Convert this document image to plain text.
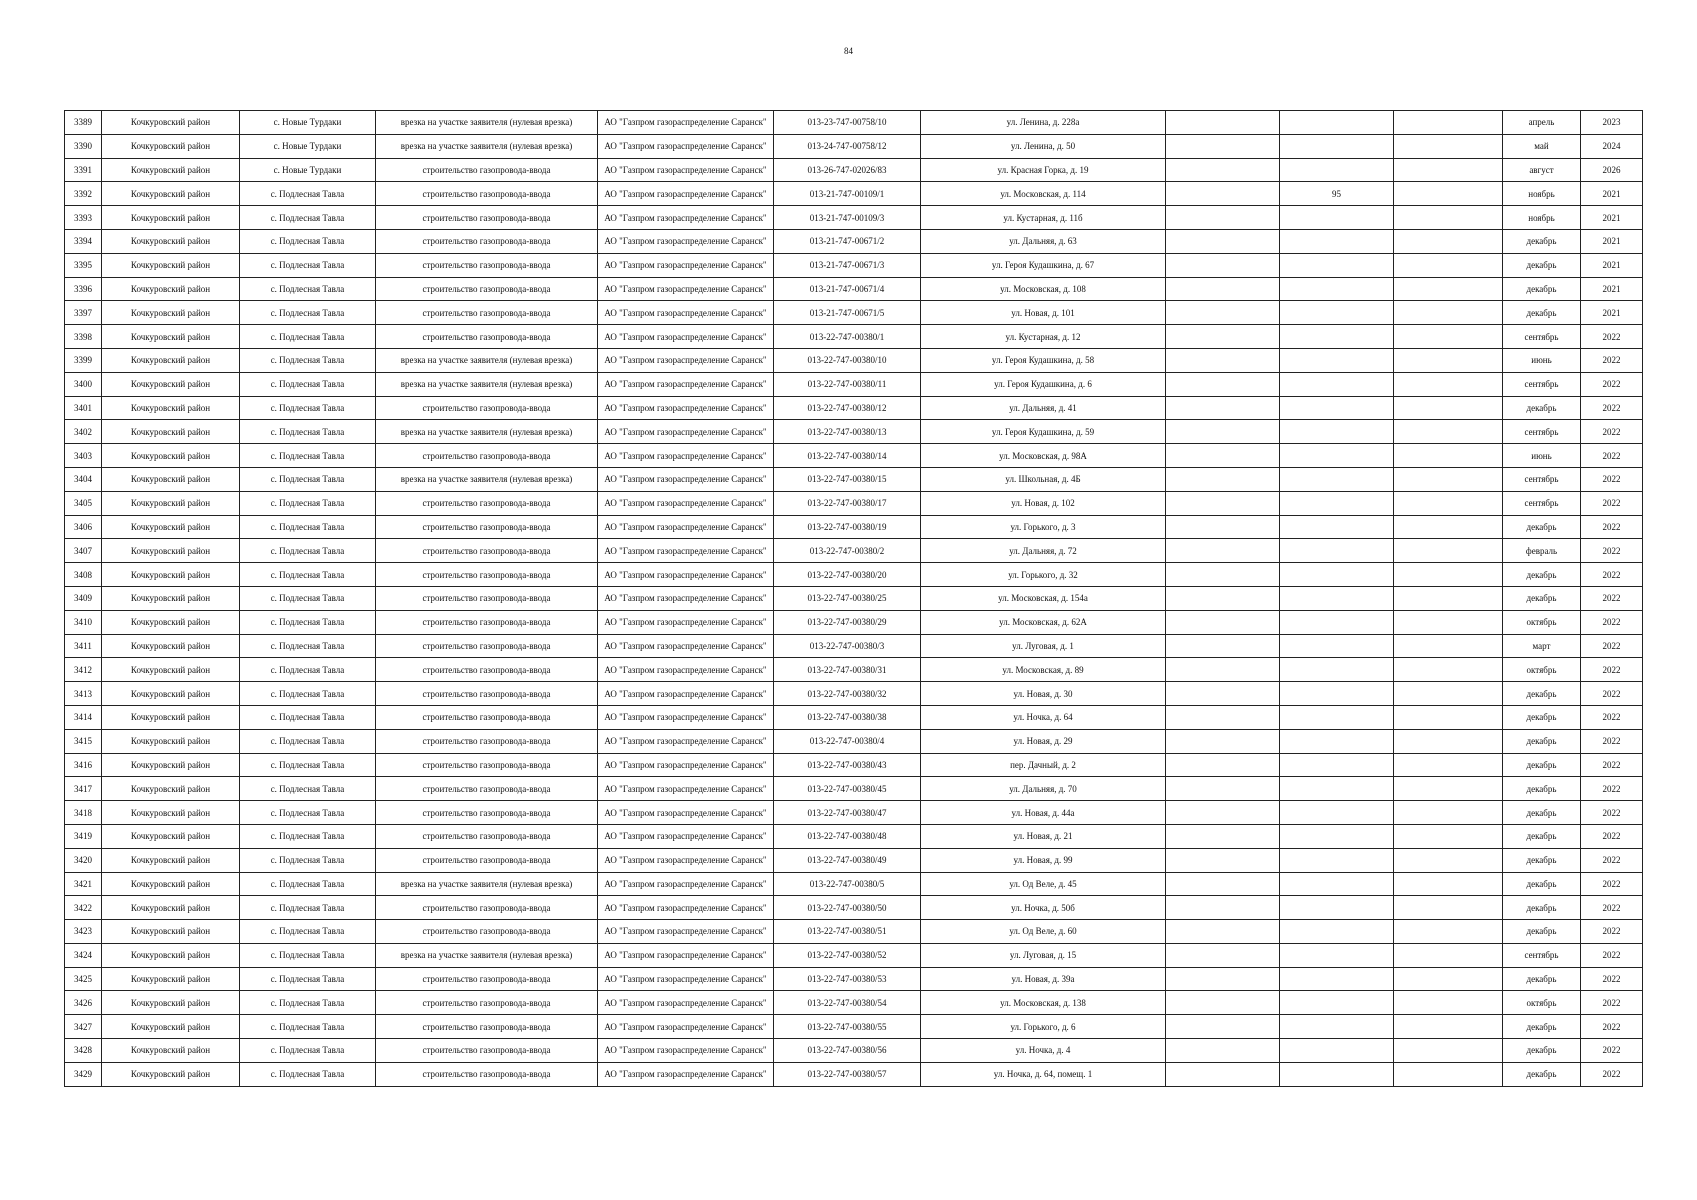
84
3389	Кочкуровский район	с. Новые Турдаки	врезка на участке заявителя (нулевая врезка)	АО "Газпром газораспределение Саранск"	013-23-747-00758/10	ул. Ленина, д. 228а				апрель	2023
3390	Кочкуровский район	с. Новые Турдаки	врезка на участке заявителя (нулевая врезка)	АО "Газпром газораспределение Саранск"	013-24-747-00758/12	ул. Ленина, д. 50				май	2024
3391	Кочкуровский район	с. Новые Турдаки	строительство газопровода-ввода	АО "Газпром газораспределение Саранск"	013-26-747-02026/83	ул. Красная Горка, д. 19				август	2026
3392	Кочкуровский район	с. Подлесная Тавла	строительство газопровода-ввода	АО "Газпром газораспределение Саранск"	013-21-747-00109/1	ул. Московская, д. 114		95		ноябрь	2021
3393	Кочкуровский район	с. Подлесная Тавла	строительство газопровода-ввода	АО "Газпром газораспределение Саранск"	013-21-747-00109/3	ул. Кустарная, д. 11б				ноябрь	2021
3394	Кочкуровский район	с. Подлесная Тавла	строительство газопровода-ввода	АО "Газпром газораспределение Саранск"	013-21-747-00671/2	ул. Дальняя, д. 63				декабрь	2021
3395	Кочкуровский район	с. Подлесная Тавла	строительство газопровода-ввода	АО "Газпром газораспределение Саранск"	013-21-747-00671/3	ул. Героя Кудашкина, д. 67				декабрь	2021
3396	Кочкуровский район	с. Подлесная Тавла	строительство газопровода-ввода	АО "Газпром газораспределение Саранск"	013-21-747-00671/4	ул. Московская, д. 108				декабрь	2021
3397	Кочкуровский район	с. Подлесная Тавла	строительство газопровода-ввода	АО "Газпром газораспределение Саранск"	013-21-747-00671/5	ул. Новая, д. 101				декабрь	2021
3398	Кочкуровский район	с. Подлесная Тавла	строительство газопровода-ввода	АО "Газпром газораспределение Саранск"	013-22-747-00380/1	ул. Кустарная, д. 12				сентябрь	2022
3399	Кочкуровский район	с. Подлесная Тавла	врезка на участке заявителя (нулевая врезка)	АО "Газпром газораспределение Саранск"	013-22-747-00380/10	ул. Героя Кудашкина, д. 58				июнь	2022
3400	Кочкуровский район	с. Подлесная Тавла	врезка на участке заявителя (нулевая врезка)	АО "Газпром газораспределение Саранск"	013-22-747-00380/11	ул. Героя Кудашкина, д. 6				сентябрь	2022
3401	Кочкуровский район	с. Подлесная Тавла	строительство газопровода-ввода	АО "Газпром газораспределение Саранск"	013-22-747-00380/12	ул. Дальняя, д. 41				декабрь	2022
3402	Кочкуровский район	с. Подлесная Тавла	врезка на участке заявителя (нулевая врезка)	АО "Газпром газораспределение Саранск"	013-22-747-00380/13	ул. Героя Кудашкина, д. 59				сентябрь	2022
3403	Кочкуровский район	с. Подлесная Тавла	строительство газопровода-ввода	АО "Газпром газораспределение Саранск"	013-22-747-00380/14	ул. Московская, д. 98А				июнь	2022
3404	Кочкуровский район	с. Подлесная Тавла	врезка на участке заявителя (нулевая врезка)	АО "Газпром газораспределение Саранск"	013-22-747-00380/15	ул. Школьная, д. 4Б				сентябрь	2022
3405	Кочкуровский район	с. Подлесная Тавла	строительство газопровода-ввода	АО "Газпром газораспределение Саранск"	013-22-747-00380/17	ул. Новая, д. 102				сентябрь	2022
3406	Кочкуровский район	с. Подлесная Тавла	строительство газопровода-ввода	АО "Газпром газораспределение Саранск"	013-22-747-00380/19	ул. Горького, д. 3				декабрь	2022
3407	Кочкуровский район	с. Подлесная Тавла	строительство газопровода-ввода	АО "Газпром газораспределение Саранск"	013-22-747-00380/2	ул. Дальняя, д. 72				февраль	2022
3408	Кочкуровский район	с. Подлесная Тавла	строительство газопровода-ввода	АО "Газпром газораспределение Саранск"	013-22-747-00380/20	ул. Горького, д. 32				декабрь	2022
3409	Кочкуровский район	с. Подлесная Тавла	строительство газопровода-ввода	АО "Газпром газораспределение Саранск"	013-22-747-00380/25	ул. Московская, д. 154а				декабрь	2022
3410	Кочкуровский район	с. Подлесная Тавла	строительство газопровода-ввода	АО "Газпром газораспределение Саранск"	013-22-747-00380/29	ул. Московская, д. 62А				октябрь	2022
3411	Кочкуровский район	с. Подлесная Тавла	строительство газопровода-ввода	АО "Газпром газораспределение Саранск"	013-22-747-00380/3	ул. Луговая, д. 1				март	2022
3412	Кочкуровский район	с. Подлесная Тавла	строительство газопровода-ввода	АО "Газпром газораспределение Саранск"	013-22-747-00380/31	ул. Московская, д. 89				октябрь	2022
3413	Кочкуровский район	с. Подлесная Тавла	строительство газопровода-ввода	АО "Газпром газораспределение Саранск"	013-22-747-00380/32	ул. Новая, д. 30				декабрь	2022
3414	Кочкуровский район	с. Подлесная Тавла	строительство газопровода-ввода	АО "Газпром газораспределение Саранск"	013-22-747-00380/38	ул. Ночка, д. 64				декабрь	2022
3415	Кочкуровский район	с. Подлесная Тавла	строительство газопровода-ввода	АО "Газпром газораспределение Саранск"	013-22-747-00380/4	ул. Новая, д. 29				декабрь	2022
3416	Кочкуровский район	с. Подлесная Тавла	строительство газопровода-ввода	АО "Газпром газораспределение Саранск"	013-22-747-00380/43	пер. Дачный, д. 2				декабрь	2022
3417	Кочкуровский район	с. Подлесная Тавла	строительство газопровода-ввода	АО "Газпром газораспределение Саранск"	013-22-747-00380/45	ул. Дальняя, д. 70				декабрь	2022
3418	Кочкуровский район	с. Подлесная Тавла	строительство газопровода-ввода	АО "Газпром газораспределение Саранск"	013-22-747-00380/47	ул. Новая, д. 44а				декабрь	2022
3419	Кочкуровский район	с. Подлесная Тавла	строительство газопровода-ввода	АО "Газпром газораспределение Саранск"	013-22-747-00380/48	ул. Новая, д. 21				декабрь	2022
3420	Кочкуровский район	с. Подлесная Тавла	строительство газопровода-ввода	АО "Газпром газораспределение Саранск"	013-22-747-00380/49	ул. Новая, д. 99				декабрь	2022
3421	Кочкуровский район	с. Подлесная Тавла	врезка на участке заявителя (нулевая врезка)	АО "Газпром газораспределение Саранск"	013-22-747-00380/5	ул. Од Веле, д. 45				декабрь	2022
3422	Кочкуровский район	с. Подлесная Тавла	строительство газопровода-ввода	АО "Газпром газораспределение Саранск"	013-22-747-00380/50	ул. Ночка, д. 50б				декабрь	2022
3423	Кочкуровский район	с. Подлесная Тавла	строительство газопровода-ввода	АО "Газпром газораспределение Саранск"	013-22-747-00380/51	ул. Од Веле, д. 60				декабрь	2022
3424	Кочкуровский район	с. Подлесная Тавла	врезка на участке заявителя (нулевая врезка)	АО "Газпром газораспределение Саранск"	013-22-747-00380/52	ул. Луговая, д. 15				сентябрь	2022
3425	Кочкуровский район	с. Подлесная Тавла	строительство газопровода-ввода	АО "Газпром газораспределение Саранск"	013-22-747-00380/53	ул. Новая, д. 39а				декабрь	2022
3426	Кочкуровский район	с. Подлесная Тавла	строительство газопровода-ввода	АО "Газпром газораспределение Саранск"	013-22-747-00380/54	ул. Московская, д. 138				октябрь	2022
3427	Кочкуровский район	с. Подлесная Тавла	строительство газопровода-ввода	АО "Газпром газораспределение Саранск"	013-22-747-00380/55	ул. Горького, д. 6				декабрь	2022
3428	Кочкуровский район	с. Подлесная Тавла	строительство газопровода-ввода	АО "Газпром газораспределение Саранск"	013-22-747-00380/56	ул. Ночка, д. 4				декабрь	2022
3429	Кочкуровский район	с. Подлесная Тавла	строительство газопровода-ввода	АО "Газпром газораспределение Саранск"	013-22-747-00380/57	ул. Ночка, д. 64, помещ. 1				декабрь	2022
